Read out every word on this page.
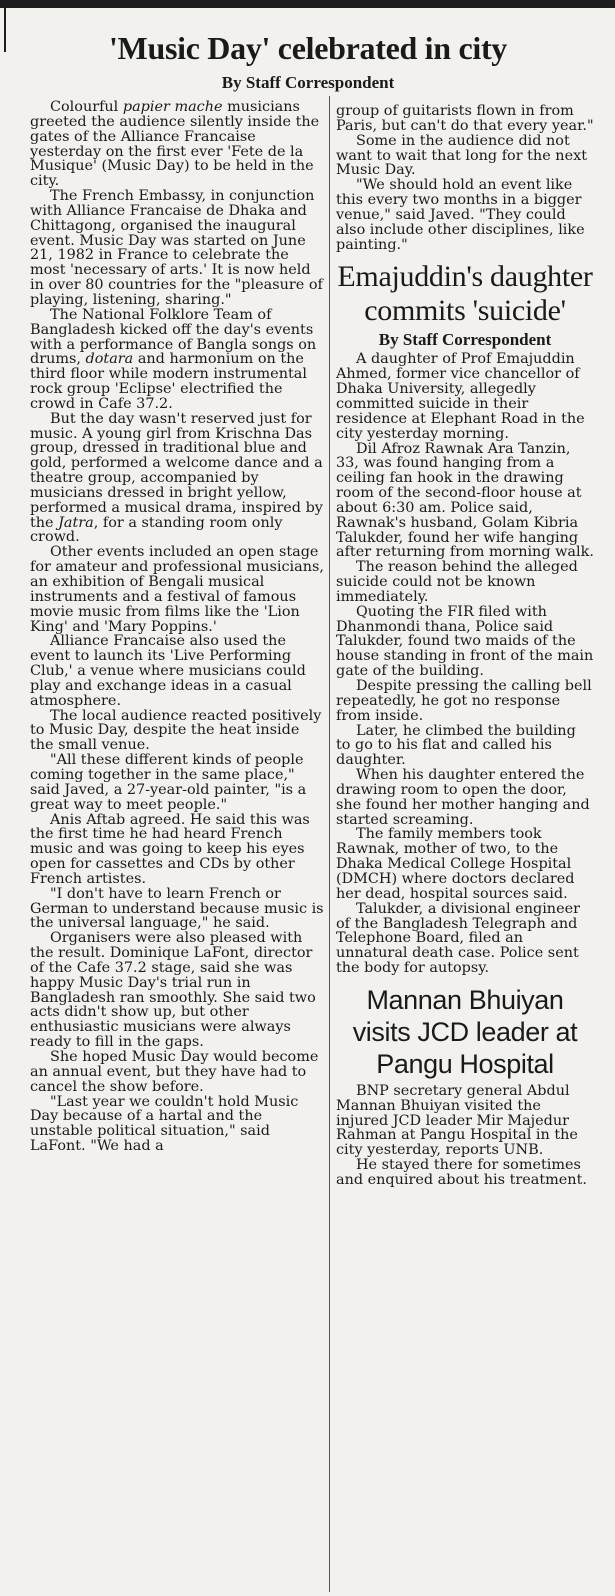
'Music Day' celebrated in city
By Staff Correspondent

Colourful papier mache musicians greeted the audience silently inside the gates of the Alliance Francaise yesterday on the first ever 'Fete de la Musique' (Music Day) to be held in the city.

The French Embassy, in conjunction with Alliance Francaise de Dhaka and Chittagong, organised the inaugural event. Music Day was started on June 21, 1982 in France to celebrate the most 'necessary of arts.' It is now held in over 80 countries for the "pleasure of playing, listening, sharing."

The National Folklore Team of Bangladesh kicked off the day's events with a performance of Bangla songs on drums, dotara and harmonium on the third floor while modern instrumental rock group 'Eclipse' electrified the crowd in Cafe 37.2.

But the day wasn't reserved just for music. A young girl from Krischna Das group, dressed in traditional blue and gold, performed a welcome dance and a theatre group, accompanied by musicians dressed in bright yellow, performed a musical drama, inspired by the Jatra, for a standing room only crowd.

Other events included an open stage for amateur and professional musicians, an exhibition of Bengali musical instruments and a festival of famous movie music from films like the 'Lion King' and 'Mary Poppins.'

Alliance Francaise also used the event to launch its 'Live Performing Club,' a venue where musicians could play and exchange ideas in a casual atmosphere.

The local audience reacted positively to Music Day, despite the heat inside the small venue.

"All these different kinds of people coming together in the same place," said Javed, a 27-year-old painter, "is a great way to meet people."

Anis Aftab agreed. He said this was the first time he had heard French music and was going to keep his eyes open for cassettes and CDs by other French artistes.

"I don't have to learn French or German to understand because music is the universal language," he said.

Organisers were also pleased with the result. Dominique LaFont, director of the Cafe 37.2 stage, said she was happy Music Day's trial run in Bangladesh ran smoothly. She said two acts didn't show up, but other enthusiastic musicians were always ready to fill in the gaps.

She hoped Music Day would become an annual event, but they have had to cancel the show before.

"Last year we couldn't hold Music Day because of a hartal and the unstable political situation," said LaFont. "We had a

group of guitarists flown in from Paris, but can't do that every year."

Some in the audience did not want to wait that long for the next Music Day.

"We should hold an event like this every two months in a bigger venue," said Javed. "They could also include other disciplines, like painting."

Emajuddin's daughter commits 'suicide'
By Staff Correspondent

A daughter of Prof Emajuddin Ahmed, former vice chancellor of Dhaka University, allegedly committed suicide in their residence at Elephant Road in the city yesterday morning.

Dil Afroz Rawnak Ara Tanzin, 33, was found hanging from a ceiling fan hook in the drawing room of the second-floor house at about 6:30 am. Police said, Rawnak's husband, Golam Kibria Talukder, found her wife hanging after returning from morning walk.

The reason behind the alleged suicide could not be known immediately.

Quoting the FIR filed with Dhanmondi thana, Police said Talukder, found two maids of the house standing in front of the main gate of the building.

Despite pressing the calling bell repeatedly, he got no response from inside.

Later, he climbed the building to go to his flat and called his daughter.

When his daughter entered the drawing room to open the door, she found her mother hanging and started screaming.

The family members took Rawnak, mother of two, to the Dhaka Medical College Hospital (DMCH) where doctors declared her dead, hospital sources said.

Talukder, a divisional engineer of the Bangladesh Telegraph and Telephone Board, filed an unnatural death case. Police sent the body for autopsy.

Mannan Bhuiyan visits JCD leader at Pangu Hospital

BNP secretary general Abdul Mannan Bhuiyan visited the injured JCD leader Mir Majedur Rahman at Pangu Hospital in the city yesterday, reports UNB.

He stayed there for sometimes and enquired about his treatment.
